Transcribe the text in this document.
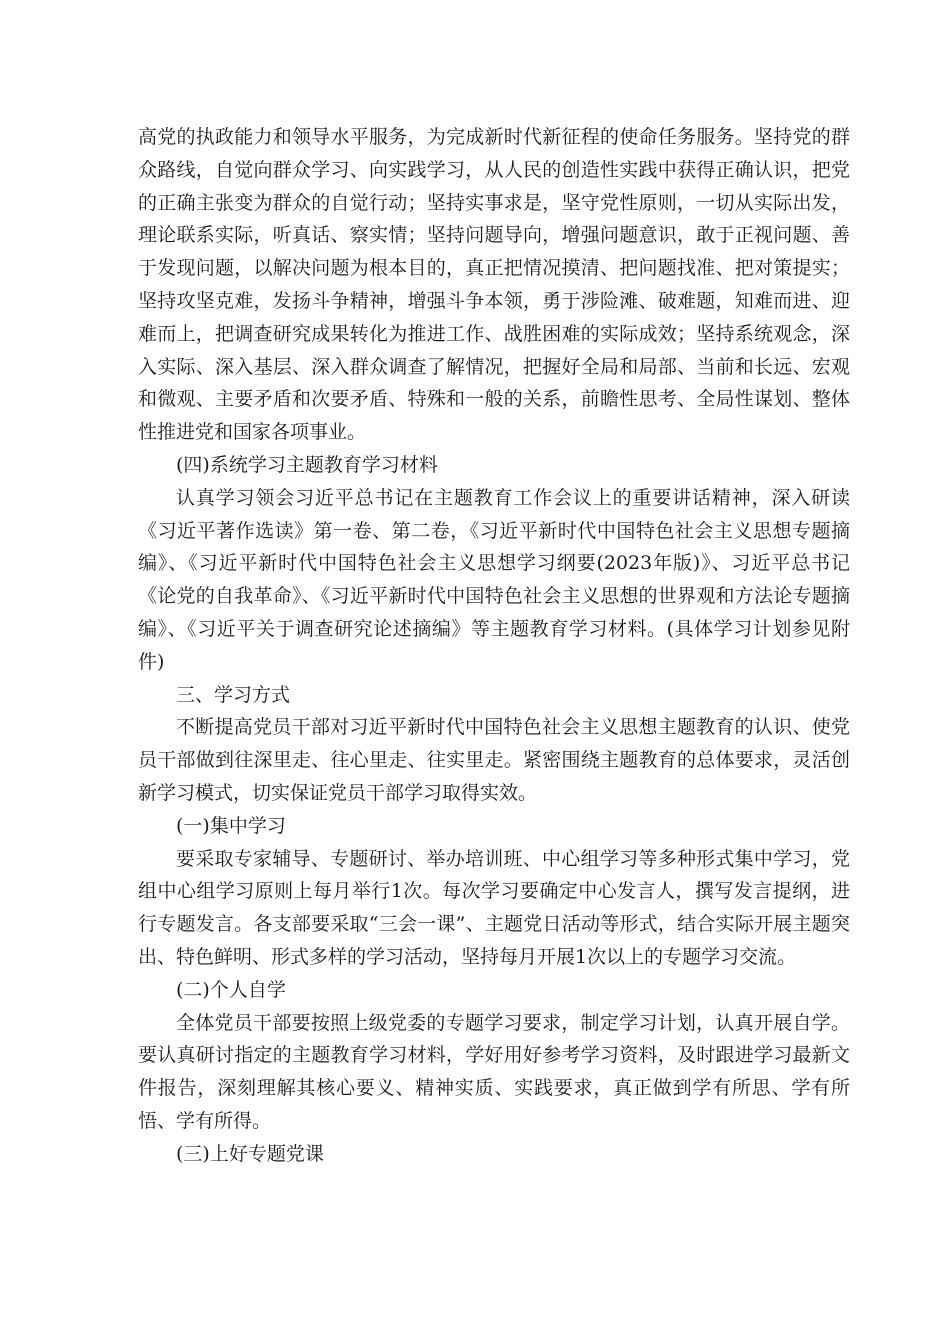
高党的执政能力和领导水平服务，为完成新时代新征程的使命任务服务。坚持党的群众路线，自觉向群众学习、向实践学习，从人民的创造性实践中获得正确认识，把党的正确主张变为群众的自觉行动；坚持实事求是，坚守党性原则，一切从实际出发，理论联系实际，听真话、察实情；坚持问题导向，增强问题意识，敢于正视问题、善于发现问题，以解决问题为根本目的，真正把情况摸清、把问题找准、把对策提实；坚持攻坚克难，发扬斗争精神，增强斗争本领，勇于涉险滩、破难题，知难而进、迎难而上，把调查研究成果转化为推进工作、战胜困难的实际成效；坚持系统观念，深入实际、深入基层、深入群众调查了解情况，把握好全局和局部、当前和长远、宏观和微观、主要矛盾和次要矛盾、特殊和一般的关系，前瞻性思考、全局性谋划、整体性推进党和国家各项事业。

(四)系统学习主题教育学习材料

认真学习领会习近平总书记在主题教育工作会议上的重要讲话精神，深入研读《习近平著作选读》第一卷、第二卷，《习近平新时代中国特色社会主义思想专题摘编》、《习近平新时代中国特色社会主义思想学习纲要(2023年版)》、习近平总书记《论党的自我革命》、《习近平新时代中国特色社会主义思想的世界观和方法论专题摘编》、《习近平关于调查研究论述摘编》等主题教育学习材料。(具体学习计划参见附件)

三、学习方式

不断提高党员干部对习近平新时代中国特色社会主义思想主题教育的认识、使党员干部做到往深里走、往心里走、往实里走。紧密围绕主题教育的总体要求，灵活创新学习模式，切实保证党员干部学习取得实效。

(一)集中学习

要采取专家辅导、专题研讨、举办培训班、中心组学习等多种形式集中学习，党组中心组学习原则上每月举行1次。每次学习要确定中心发言人，撰写发言提纲，进行专题发言。各支部要采取“三会一课”、主题党日活动等形式，结合实际开展主题突出、特色鲜明、形式多样的学习活动，坚持每月开展1次以上的专题学习交流。

(二)个人自学

全体党员干部要按照上级党委的专题学习要求，制定学习计划，认真开展自学。要认真研讨指定的主题教育学习材料，学好用好参考学习资料，及时跟进学习最新文件报告，深刻理解其核心要义、精神实质、实践要求，真正做到学有所思、学有所悟、学有所得。

(三)上好专题党课
